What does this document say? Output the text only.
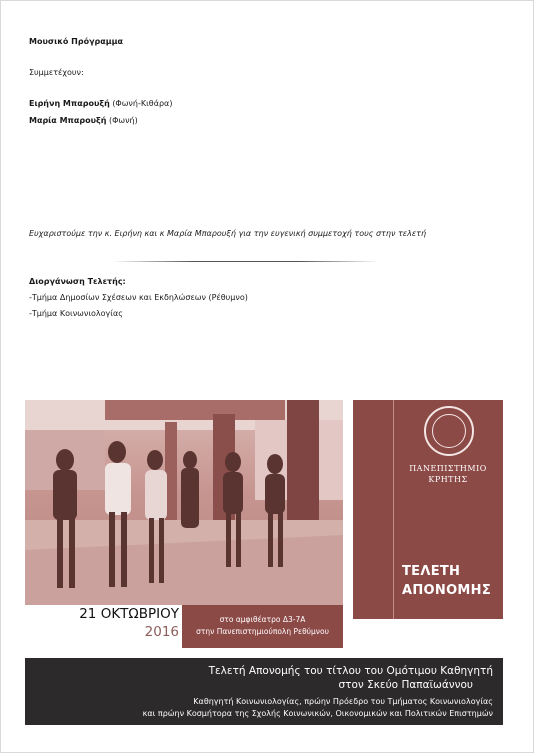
Μουσικό Πρόγραμμα
Συμμετέχουν:
Ειρήνη Μπαρουξή (Φωνή-Κιθάρα)
Μαρία Μπαρουξή (Φωνή)
Ευχαριστούμε την κ. Ειρήνη και κ Μαρία Μπαρουξή για την ευγενική συμμετοχή τους στην τελετή
Διοργάνωση Τελετής:
-Τμήμα Δημοσίων Σχέσεων και Εκδηλώσεων (Ρέθυμνο)
-Τμήμα Κοινωνιολογίας
ΠΑΝΕΠΙΣΤΗΜΙΟ
ΚΡΗΤΗΣ
ΤΕΛΕΤΗ
ΑΠΟΝΟΜΗΣ
21 ΟΚΤΩΒΡΙΟΥ
2016
στο αμφιθέατρο Δ3-7Α
στην Πανεπιστημιούπολη Ρεθύμνου
Τελετή Απονομής του τίτλου του Ομότιμου Καθηγητή
στον Σκεύο Παπαϊωάννου
Καθηγητή Κοινωνιολογίας, πρώην Πρόεδρο του Τμήματος Κοινωνιολογίας
και πρώην Κοσμήτορα της Σχολής Κοινωνικών, Οικονομικών και Πολιτικών Επιστημών
